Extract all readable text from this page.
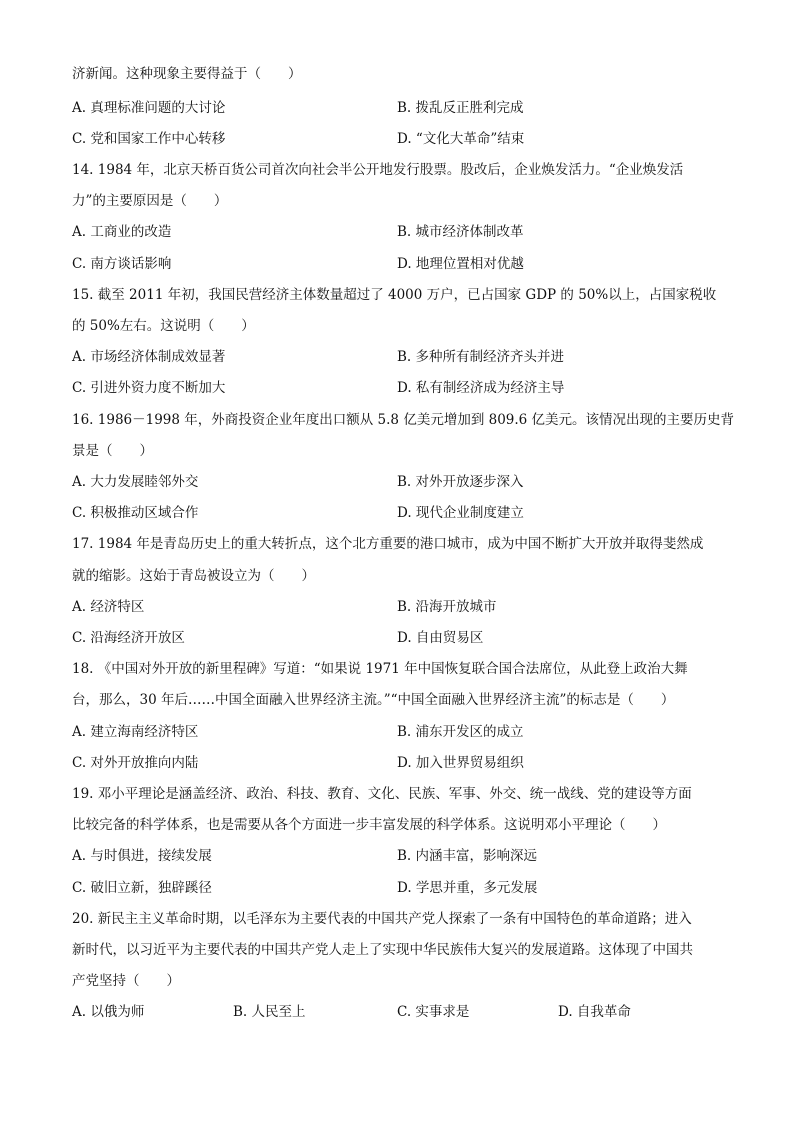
济新闻。这种现象主要得益于（　　）
A. 真理标准问题的大讨论	B. 拨乱反正胜利完成
C. 党和国家工作中心转移	D. “文化大革命”结束
14. 1984 年，北京天桥百货公司首次向社会半公开地发行股票。股改后，企业焕发活力。“企业焕发活
力”的主要原因是（　　）
A. 工商业的改造	B. 城市经济体制改革
C. 南方谈话影响	D. 地理位置相对优越
15. 截至 2011 年初，我国民营经济主体数量超过了 4000 万户，已占国家 GDP 的 50%以上，占国家税收
的 50%左右。这说明（　　）
A. 市场经济体制成效显著	B. 多种所有制经济齐头并进
C. 引进外资力度不断加大	D. 私有制经济成为经济主导
16. 1986－1998 年，外商投资企业年度出口额从 5.8 亿美元增加到 809.6 亿美元。该情况出现的主要历史背
景是（　　）
A. 大力发展睦邻外交	B. 对外开放逐步深入
C. 积极推动区域合作	D. 现代企业制度建立
17. 1984 年是青岛历史上的重大转折点，这个北方重要的港口城市，成为中国不断扩大开放并取得斐然成
就的缩影。这始于青岛被设立为（　　）
A. 经济特区	B. 沿海开放城市
C. 沿海经济开放区	D. 自由贸易区
18. 《中国对外开放的新里程碑》写道：“如果说 1971 年中国恢复联合国合法席位，从此登上政治大舞
台，那么，30 年后……中国全面融入世界经济主流。”“中国全面融入世界经济主流”的标志是（　　）
A. 建立海南经济特区	B. 浦东开发区的成立
C. 对外开放推向内陆	D. 加入世界贸易组织
19. 邓小平理论是涵盖经济、政治、科技、教育、文化、民族、军事、外交、统一战线、党的建设等方面
比较完备的科学体系，也是需要从各个方面进一步丰富发展的科学体系。这说明邓小平理论（　　）
A. 与时俱进，接续发展	B. 内涵丰富，影响深远
C. 破旧立新，独辟蹊径	D. 学思并重，多元发展
20. 新民主主义革命时期，以毛泽东为主要代表的中国共产党人探索了一条有中国特色的革命道路；进入
新时代，以习近平为主要代表的中国共产党人走上了实现中华民族伟大复兴的发展道路。这体现了中国共
产党坚持（　　）
A. 以俄为师	B. 人民至上	C. 实事求是	D. 自我革命
